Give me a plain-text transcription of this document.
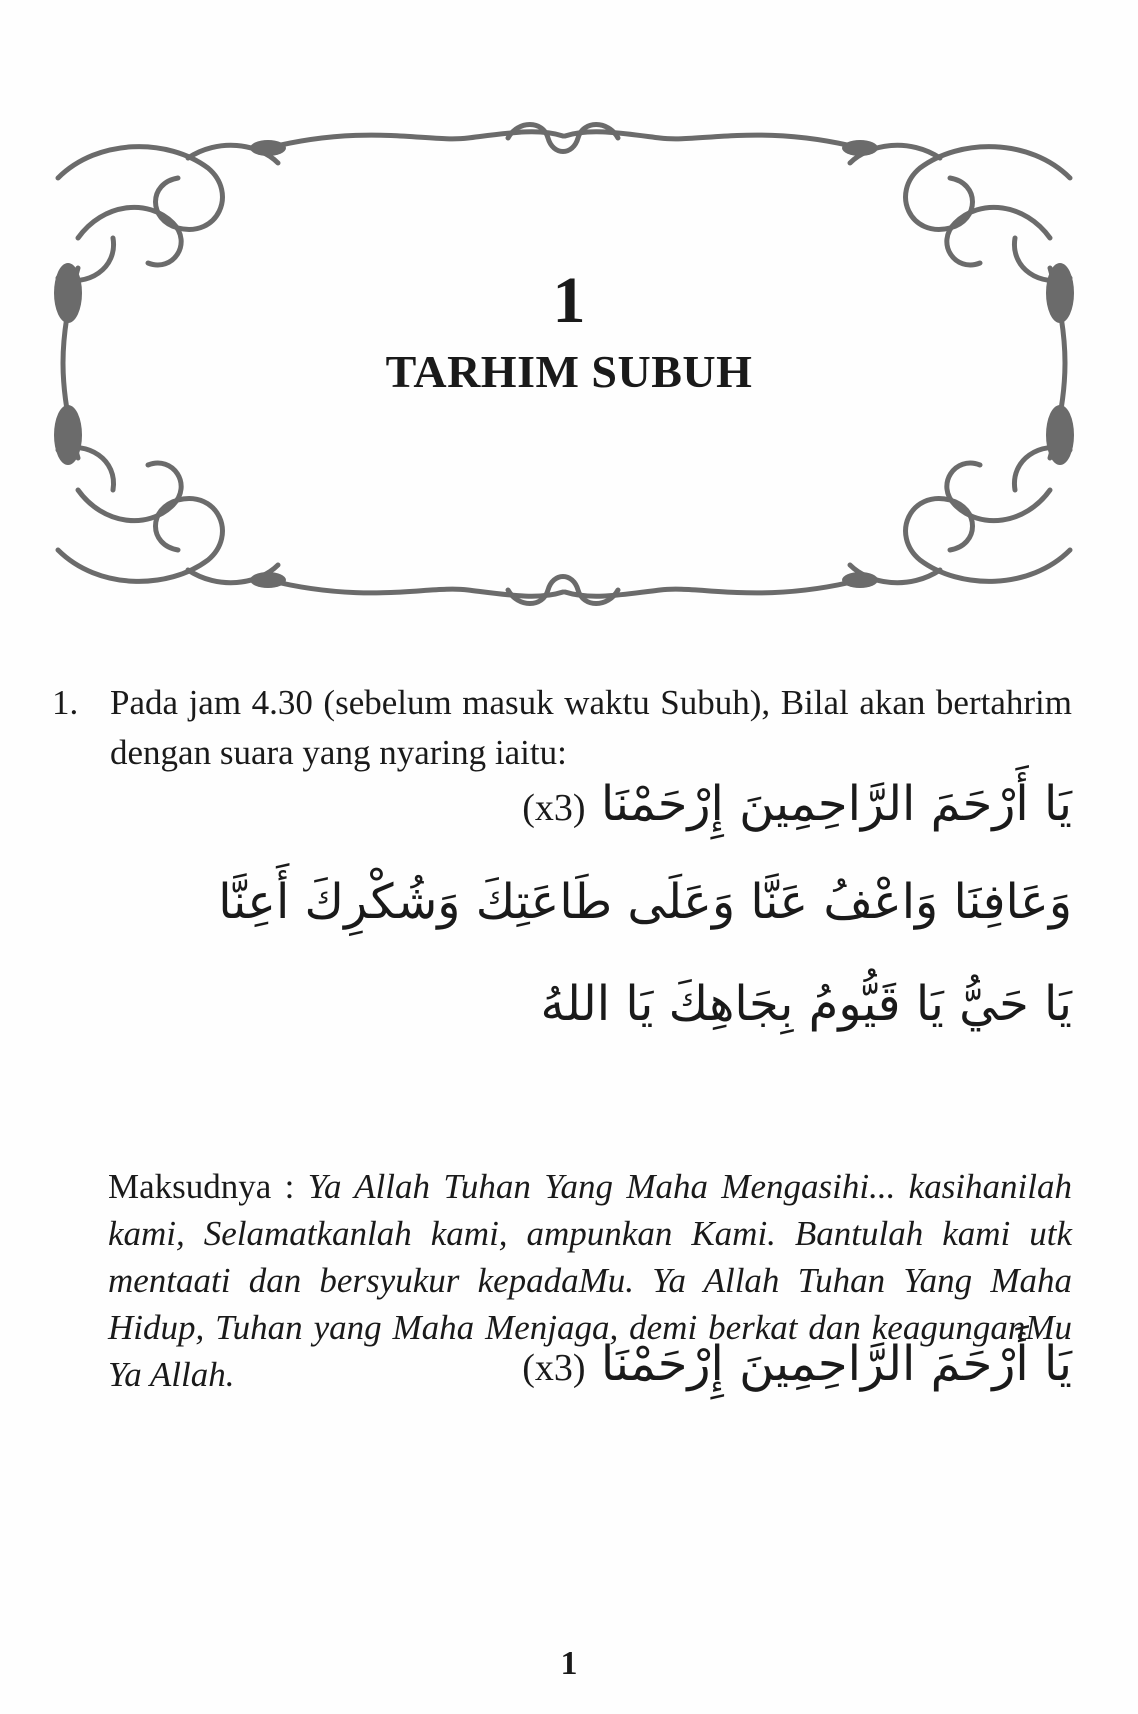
1
TARHIM SUBUH
1. Pada jam 4.30 (sebelum masuk waktu Subuh), Bilal akan bertahrim dengan suara yang nyaring iaitu:
يَا أَرْحَمَ الرَّاحِمِينَ إِرْحَمْنَا (x3)
وَعَافِنَا وَاعْفُ عَنَّا وَعَلَى طَاعَتِكَ وَشُكْرِكَ أَعِنَّا
يَا حَيُّ يَا قَيُّومُ بِجَاهِكَ يَا اللهُ
Maksudnya : Ya Allah Tuhan Yang Maha Mengasihi... kasihanilah kami, Selamatkanlah kami, ampunkan Kami. Bantulah kami utk mentaati dan bersyukur kepadaMu. Ya Allah Tuhan Yang Maha Hidup, Tuhan yang Maha Menjaga, demi berkat dan keagunganMu Ya Allah.	يَا أَرْحَمَ الرَّاحِمِينَ إِرْحَمْنَا (x3)
1
